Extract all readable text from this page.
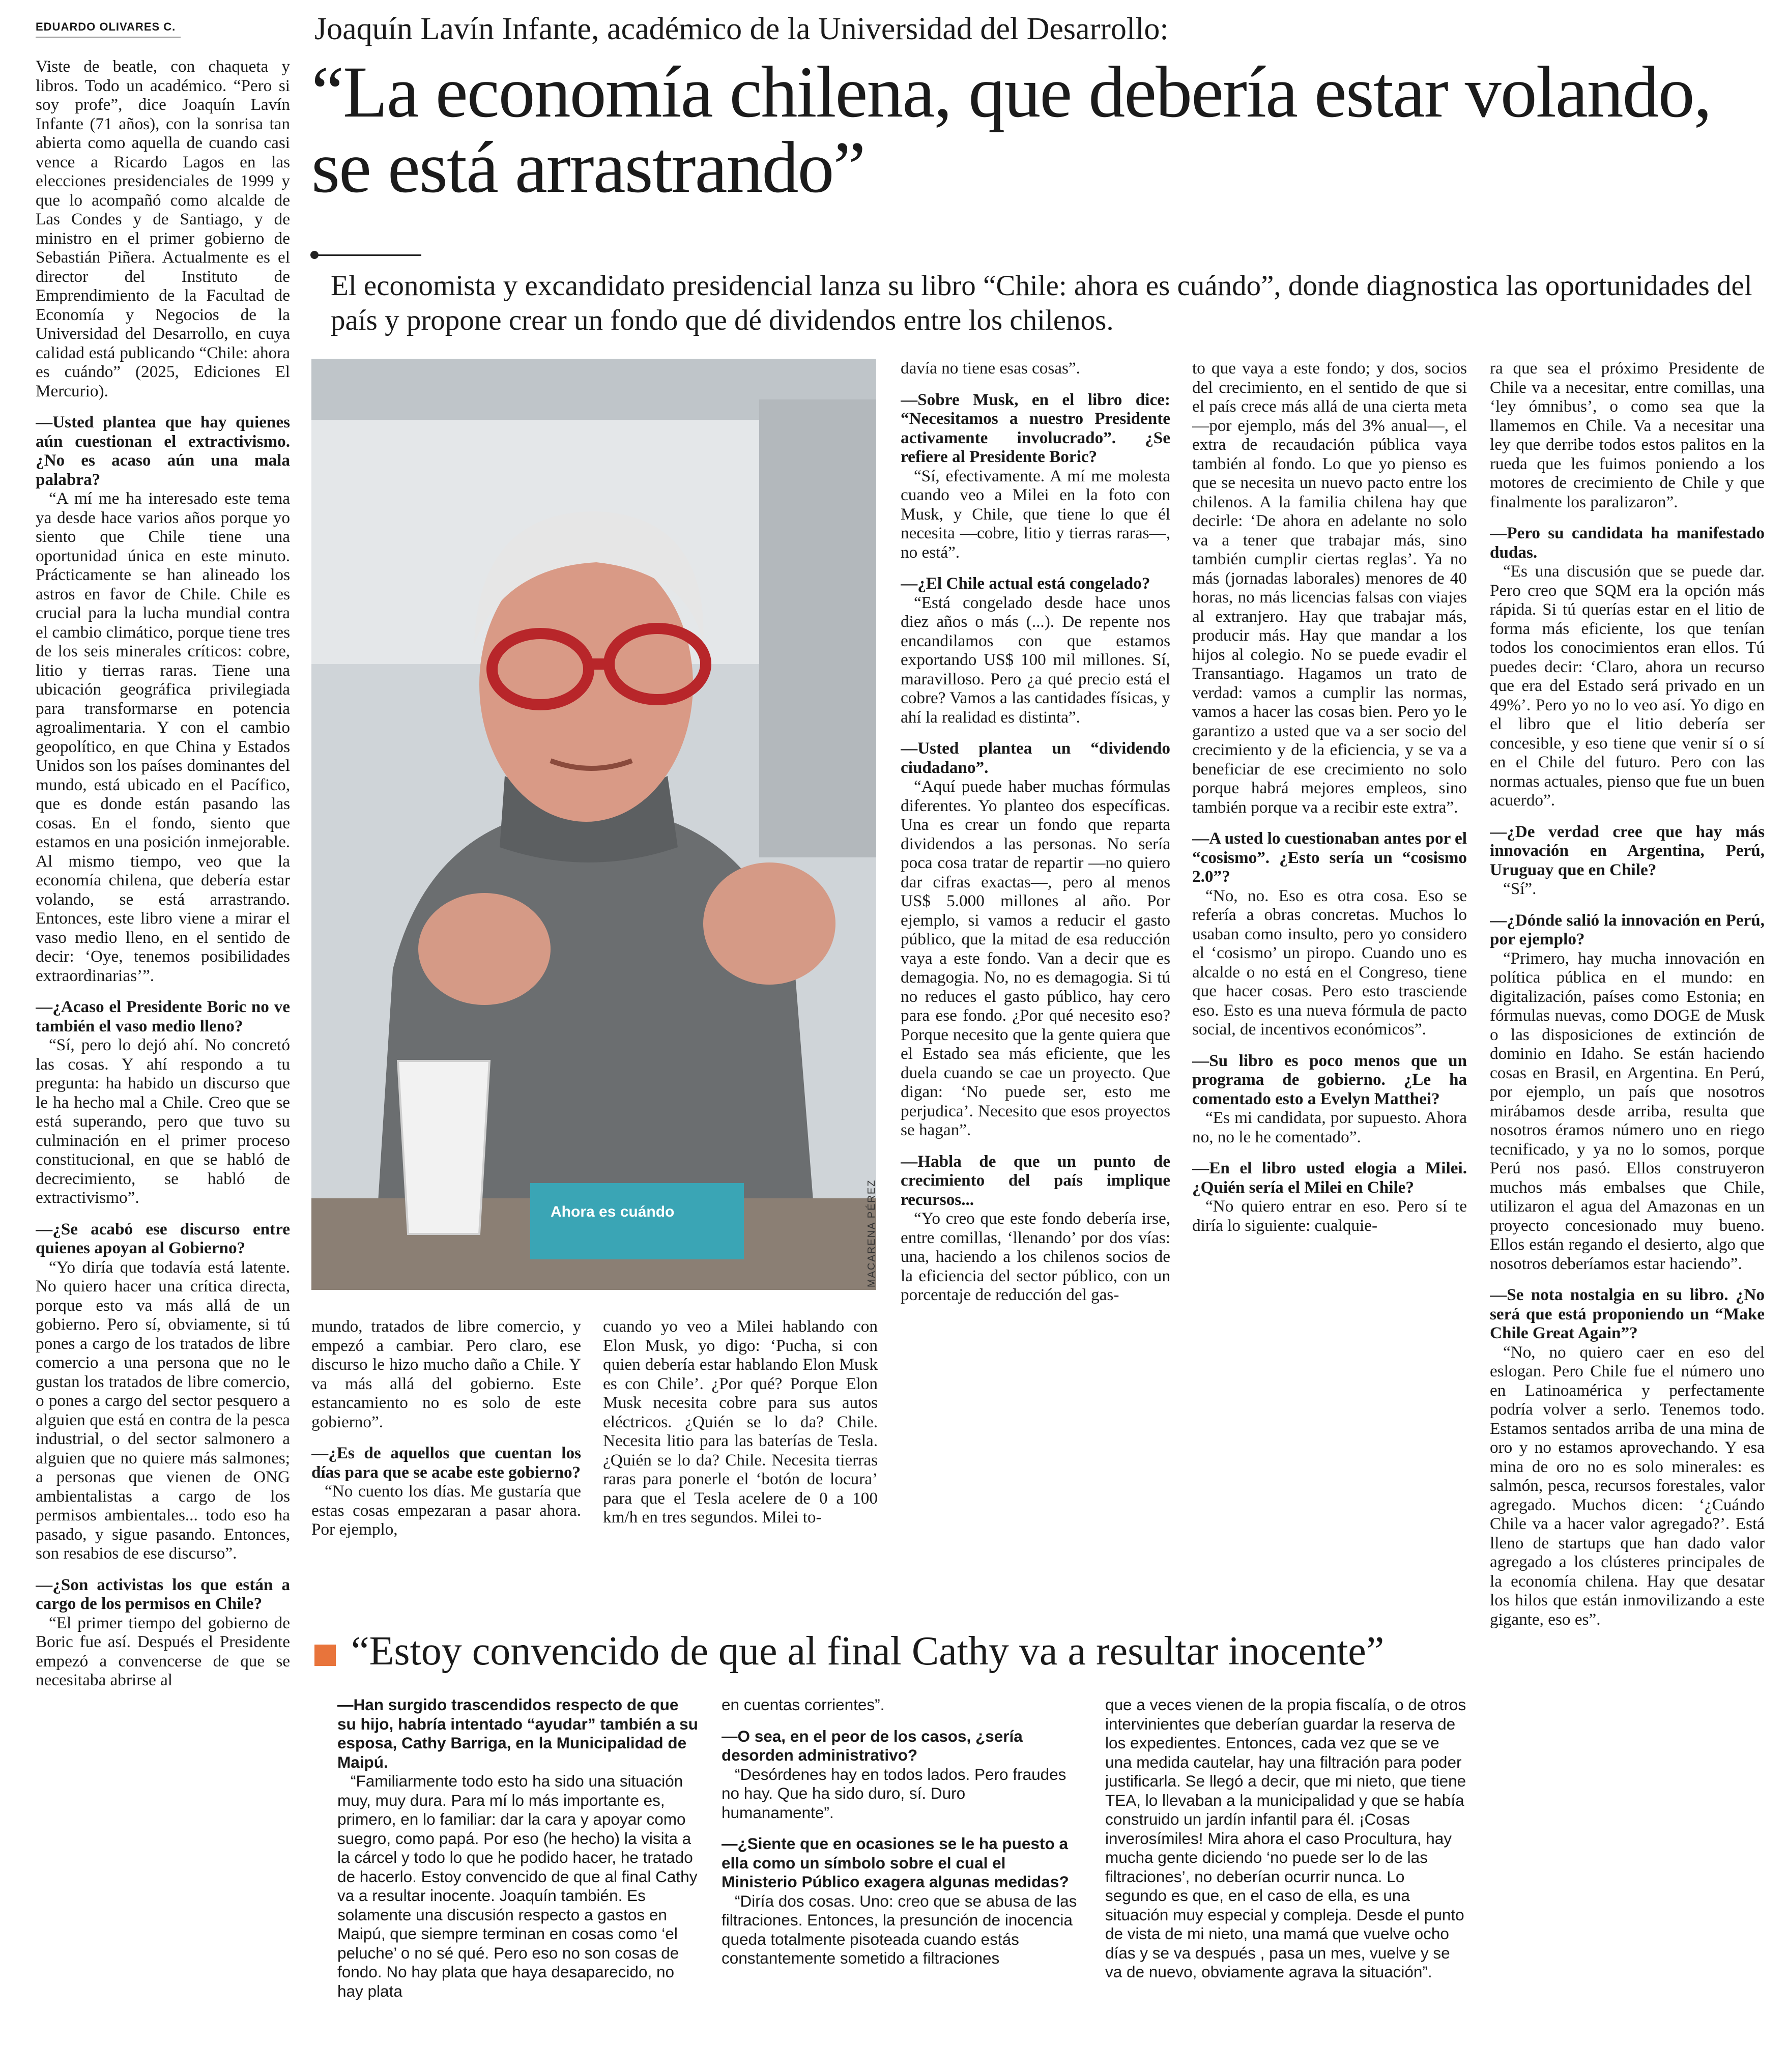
EDUARDO OLIVARES C.	Joaquín Lavín Infante, académico de la Universidad del Desarrollo:
“La economía chilena, que debería estar volando, se está arrastrando”
El economista y excandidato presidencial lanza su libro “Chile: ahora es cuándo”, donde diagnostica las oportunidades del país y propone crear un fondo que dé dividendos entre los chilenos.

Viste de beatle, con chaqueta y libros. Todo un académico. “Pero si soy profe”, dice Joaquín Lavín Infante (71 años), con la sonrisa tan abierta como aquella de cuando casi vence a Ricardo Lagos en las elecciones presidenciales de 1999 y que lo acompañó como alcalde de Las Condes y de Santiago, y de ministro en el primer gobierno de Sebastián Piñera. Actualmente es el director del Instituto de Emprendimiento de la Facultad de Economía y Negocios de la Universidad del Desarrollo, en cuya calidad está publicando “Chile: ahora es cuándo” (2025, Ediciones El Mercurio).

—Usted plantea que hay quienes aún cuestionan el extractivismo. ¿No es acaso aún una mala palabra?

“A mí me ha interesado este tema ya desde hace varios años porque yo siento que Chile tiene una oportunidad única en este minuto. Prácticamente se han alineado los astros en favor de Chile. Chile es crucial para la lucha mundial contra el cambio climático, porque tiene tres de los seis minerales críticos: cobre, litio y tierras raras. Tiene una ubicación geográfica privilegiada para transformarse en potencia agroalimentaria. Y con el cambio geopolítico, en que China y Estados Unidos son los países dominantes del mundo, está ubicado en el Pacífico, que es donde están pasando las cosas. En el fondo, siento que estamos en una posición inmejorable. Al mismo tiempo, veo que la economía chilena, que debería estar volando, se está arrastrando. Entonces, este libro viene a mirar el vaso medio lleno, en el sentido de decir: ‘Oye, tenemos posibilidades extraordinarias’”.

—¿Acaso el Presidente Boric no ve también el vaso medio lleno?

“Sí, pero lo dejó ahí. No concretó las cosas. Y ahí respondo a tu pregunta: ha habido un discurso que le ha hecho mal a Chile. Creo que se está superando, pero que tuvo su culminación en el primer proceso constitucional, en que se habló de decrecimiento, se habló de extractivismo”.

—¿Se acabó ese discurso entre quienes apoyan al Gobierno?

“Yo diría que todavía está latente. No quiero hacer una crítica directa, porque esto va más allá de un gobierno. Pero sí, obviamente, si tú pones a cargo de los tratados de libre comercio a una persona que no le gustan los tratados de libre comercio, o pones a cargo del sector pesquero a alguien que está en contra de la pesca industrial, o del sector salmonero a alguien que no quiere más salmones; a personas que vienen de ONG ambientalistas a cargo de los permisos ambientales... todo eso ha pasado, y sigue pasando. Entonces, son resabios de ese discurso”.

—¿Son activistas los que están a cargo de los permisos en Chile?

“El primer tiempo del gobierno de Boric fue así. Después el Presidente empezó a convencerse de que se necesitaba abrirse al

Ahora es cuándo	MACARENA PÉREZ

mundo, tratados de libre comercio, y empezó a cambiar. Pero claro, ese discurso le hizo mucho daño a Chile. Y va más allá del gobierno. Este estancamiento no es solo de este gobierno”.

—¿Es de aquellos que cuentan los días para que se acabe este gobierno?

“No cuento los días. Me gustaría que estas cosas empezaran a pasar ahora. Por ejemplo,

cuando yo veo a Milei hablando con Elon Musk, yo digo: ‘Pucha, si con quien debería estar hablando Elon Musk es con Chile’. ¿Por qué? Porque Elon Musk necesita cobre para sus autos eléctricos. ¿Quién se lo da? Chile. Necesita litio para las baterías de Tesla. ¿Quién se lo da? Chile. Necesita tierras raras para ponerle el ‘botón de locura’ para que el Tesla acelere de 0 a 100 km/h en tres segundos. Milei to-

davía no tiene esas cosas”.

—Sobre Musk, en el libro dice: “Necesitamos a nuestro Presidente activamente involucrado”. ¿Se refiere al Presidente Boric?

“Sí, efectivamente. A mí me molesta cuando veo a Milei en la foto con Musk, y Chile, que tiene lo que él necesita —cobre, litio y tierras raras—, no está”.

—¿El Chile actual está congelado?

“Está congelado desde hace unos diez años o más (...). De repente nos encandilamos con que estamos exportando US$ 100 mil millones. Sí, maravilloso. Pero ¿a qué precio está el cobre? Vamos a las cantidades físicas, y ahí la realidad es distinta”.

—Usted plantea un “dividendo ciudadano”.

“Aquí puede haber muchas fórmulas diferentes. Yo planteo dos específicas. Una es crear un fondo que reparta dividendos a las personas. No sería poca cosa tratar de repartir —no quiero dar cifras exactas—, pero al menos US$ 5.000 millones al año. Por ejemplo, si vamos a reducir el gasto público, que la mitad de esa reducción vaya a este fondo. Van a decir que es demagogia. No, no es demagogia. Si tú no reduces el gasto público, hay cero para ese fondo. ¿Por qué necesito eso? Porque necesito que la gente quiera que el Estado sea más eficiente, que les duela cuando se cae un proyecto. Que digan: ‘No puede ser, esto me perjudica’. Necesito que esos proyectos se hagan”.

—Habla de que un punto de crecimiento del país implique recursos...

“Yo creo que este fondo debería irse, entre comillas, ‘llenando’ por dos vías: una, haciendo a los chilenos socios de la eficiencia del sector público, con un porcentaje de reducción del gas-

to que vaya a este fondo; y dos, socios del crecimiento, en el sentido de que si el país crece más allá de una cierta meta —por ejemplo, más del 3% anual—, el extra de recaudación pública vaya también al fondo. Lo que yo pienso es que se necesita un nuevo pacto entre los chilenos. A la familia chilena hay que decirle: ‘De ahora en adelante no solo va a tener que trabajar más, sino también cumplir ciertas reglas’. Ya no más (jornadas laborales) menores de 40 horas, no más licencias falsas con viajes al extranjero. Hay que trabajar más, producir más. Hay que mandar a los hijos al colegio. No se puede evadir el Transantiago. Hagamos un trato de verdad: vamos a cumplir las normas, vamos a hacer las cosas bien. Pero yo le garantizo a usted que va a ser socio del crecimiento y de la eficiencia, y se va a beneficiar de ese crecimiento no solo porque habrá mejores empleos, sino también porque va a recibir este extra”.

—A usted lo cuestionaban antes por el “cosismo”. ¿Esto sería un “cosismo 2.0”?

“No, no. Eso es otra cosa. Eso se refería a obras concretas. Muchos lo usaban como insulto, pero yo considero el ‘cosismo’ un piropo. Cuando uno es alcalde o no está en el Congreso, tiene que hacer cosas. Pero esto trasciende eso. Esto es una nueva fórmula de pacto social, de incentivos económicos”.

—Su libro es poco menos que un programa de gobierno. ¿Le ha comentado esto a Evelyn Matthei?

“Es mi candidata, por supuesto. Ahora no, no le he comentado”.

—En el libro usted elogia a Milei. ¿Quién sería el Milei en Chile?

“No quiero entrar en eso. Pero sí te diría lo siguiente: cualquie-

ra que sea el próximo Presidente de Chile va a necesitar, entre comillas, una ‘ley ómnibus’, o como sea que la llamemos en Chile. Va a necesitar una ley que derribe todos estos palitos en la rueda que les fuimos poniendo a los motores de crecimiento de Chile y que finalmente los paralizaron”.

—Pero su candidata ha manifestado dudas.

“Es una discusión que se puede dar. Pero creo que SQM era la opción más rápida. Si tú querías estar en el litio de forma más eficiente, los que tenían todos los conocimientos eran ellos. Tú puedes decir: ‘Claro, ahora un recurso que era del Estado será privado en un 49%’. Pero yo no lo veo así. Yo digo en el libro que el litio debería ser concesible, y eso tiene que venir sí o sí en el Chile del futuro. Pero con las normas actuales, pienso que fue un buen acuerdo”.

—¿De verdad cree que hay más innovación en Argentina, Perú, Uruguay que en Chile?

“Sí”.

—¿Dónde salió la innovación en Perú, por ejemplo?

“Primero, hay mucha innovación en política pública en el mundo: en digitalización, países como Estonia; en fórmulas nuevas, como DOGE de Musk o las disposiciones de extinción de dominio en Idaho. Se están haciendo cosas en Brasil, en Argentina. En Perú, por ejemplo, un país que nosotros mirábamos desde arriba, resulta que nosotros éramos número uno en riego tecnificado, y ya no lo somos, porque Perú nos pasó. Ellos construyeron muchos más embalses que Chile, utilizaron el agua del Amazonas en un proyecto concesionado muy bueno. Ellos están regando el desierto, algo que nosotros deberíamos estar haciendo”.

—Se nota nostalgia en su libro. ¿No será que está proponiendo un “Make Chile Great Again”?

“No, no quiero caer en eso del eslogan. Pero Chile fue el número uno en Latinoamérica y perfectamente podría volver a serlo. Tenemos todo. Estamos sentados arriba de una mina de oro y no estamos aprovechando. Y esa mina de oro no es solo minerales: es salmón, pesca, recursos forestales, valor agregado. Muchos dicen: ‘¿Cuándo Chile va a hacer valor agregado?’. Está lleno de startups que han dado valor agregado a los clústeres principales de la economía chilena. Hay que desatar los hilos que están inmovilizando a este gigante, eso es”.

“Estoy convencido de que al final Cathy va a resultar inocente”

—Han surgido trascendidos respecto de que su hijo, habría intentado “ayudar” también a su esposa, Cathy Barriga, en la Municipalidad de Maipú.

“Familiarmente todo esto ha sido una situación muy, muy dura. Para mí lo más importante es, primero, en lo familiar: dar la cara y apoyar como suegro, como papá. Por eso (he hecho) la visita a la cárcel y todo lo que he podido hacer, he tratado de hacerlo. Estoy convencido de que al final Cathy va a resultar inocente. Joaquín también. Es solamente una discusión respecto a gastos en Maipú, que siempre terminan en cosas como ‘el peluche’ o no sé qué. Pero eso no son cosas de fondo. No hay plata que haya desaparecido, no hay plata

en cuentas corrientes”.

—O sea, en el peor de los casos, ¿sería desorden administrativo?

“Desórdenes hay en todos lados. Pero fraudes no hay. Que ha sido duro, sí. Duro humanamente”.

—¿Siente que en ocasiones se le ha puesto a ella como un símbolo sobre el cual el Ministerio Público exagera algunas medidas?

“Diría dos cosas. Uno: creo que se abusa de las filtraciones. Entonces, la presunción de inocencia queda totalmente pisoteada cuando estás constantemente sometido a filtraciones

que a veces vienen de la propia fiscalía, o de otros intervinientes que deberían guardar la reserva de los expedientes. Entonces, cada vez que se ve una medida cautelar, hay una filtración para poder justificarla. Se llegó a decir, que mi nieto, que tiene TEA, lo llevaban a la municipalidad y que se había construido un jardín infantil para él. ¡Cosas inverosímiles! Mira ahora el caso Procultura, hay mucha gente diciendo ‘no puede ser lo de las filtraciones’, no deberían ocurrir nunca. Lo segundo es que, en el caso de ella, es una situación muy especial y compleja. Desde el punto de vista de mi nieto, una mamá que vuelve ocho días y se va después , pasa un mes, vuelve y se va de nuevo, obviamente agrava la situación”.
